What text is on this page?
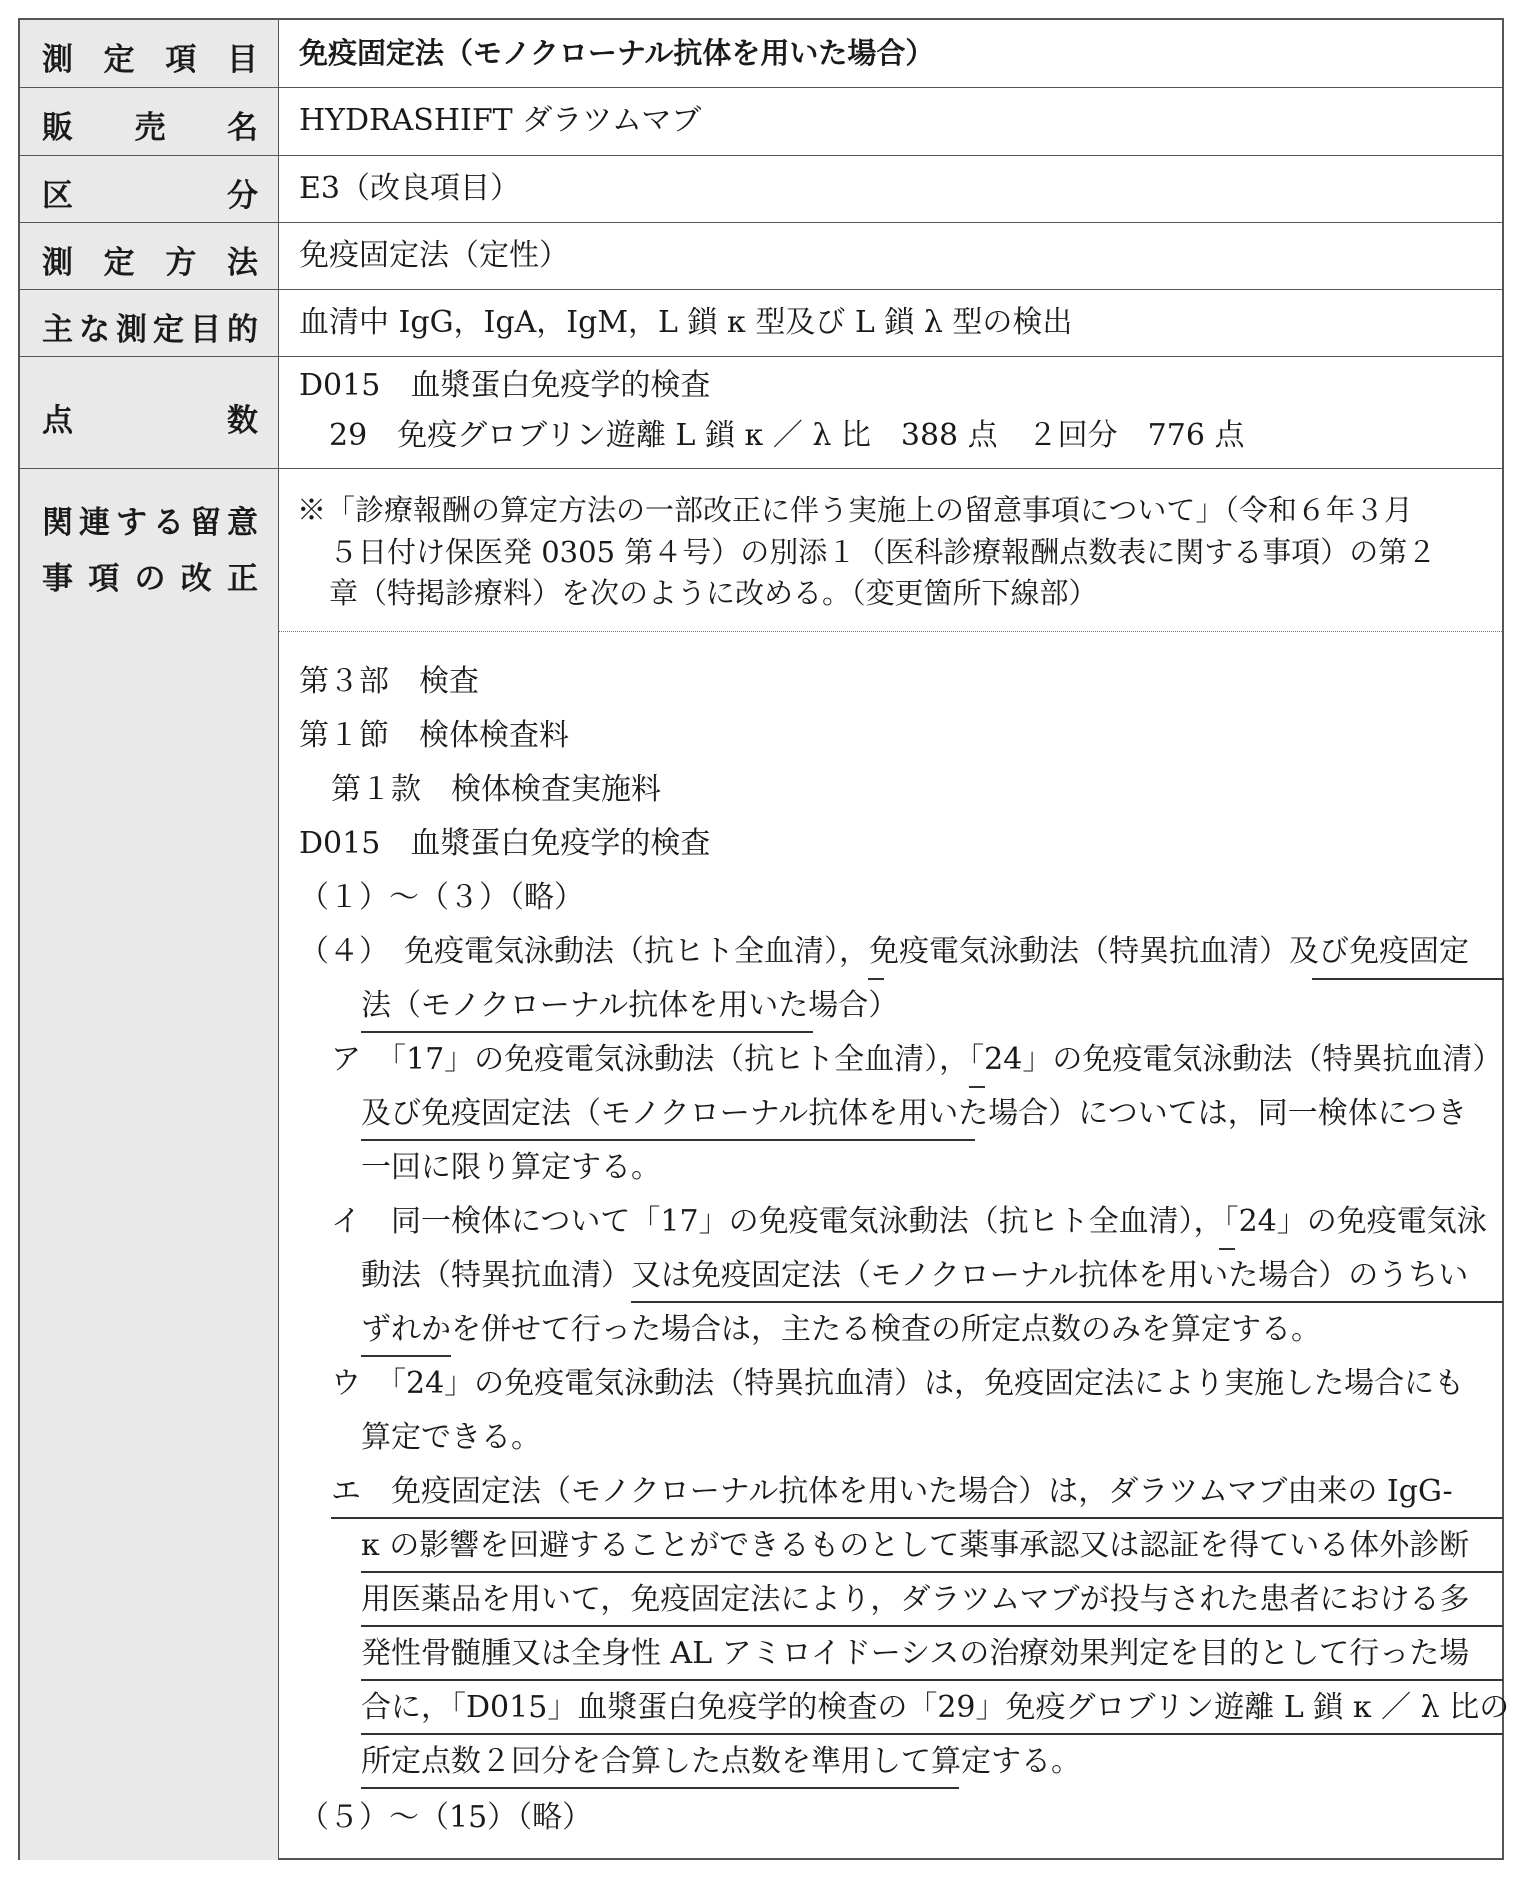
測 定 項 目 免疫固定法（モノクローナル抗体を用いた場合）
販 売 名 HYDRASHIFT ダラツムマブ
区	分 E3（改良項目）
測 定 方 法 免疫固定法（定性）
主 な 測 定 目 的 血清中 IgG，IgA，IgM，L 鎖 κ 型及び L 鎖 λ 型の検出
点	数
D015　血漿蛋白免疫学的検査
29　免疫グロブリン遊離 L 鎖 κ ／ λ 比　388 点　２回分　776 点
関 連 す る 留 意
事 項 の 改 正
※「診療報酬の算定方法の一部改正に伴う実施上の留意事項について」（令和６年３月
５日付け保医発 0305 第４号）の別添１（医科診療報酬点数表に関する事項）の第２
章（特掲診療料）を次のように改める。（変更箇所下線部）
第３部　検査
第１節　検体検査料
第１款　検体検査実施料
D015　血漿蛋白免疫学的検査
（１）～（３）（略）
（４）　免疫電気泳動法（抗ヒト全血清），免疫電気泳動法（特異抗血清）及び免疫固定
法（モノクローナル抗体を用いた場合）
ア　「17」の免疫電気泳動法（抗ヒト全血清），「24」の免疫電気泳動法（特異抗血清）
及び免疫固定法（モノクローナル抗体を用いた場合）については，同一検体につき
一回に限り算定する。
イ　同一検体について「17」の免疫電気泳動法（抗ヒト全血清），「24」の免疫電気泳
動法（特異抗血清）又は免疫固定法（モノクローナル抗体を用いた場合）のうちい
ずれかを併せて行った場合は，主たる検査の所定点数のみを算定する。
ウ　「24」の免疫電気泳動法（特異抗血清）は，免疫固定法により実施した場合にも
算定できる。
エ　免疫固定法（モノクローナル抗体を用いた場合）は，ダラツムマブ由来の IgG-
κ の影響を回避することができるものとして薬事承認又は認証を得ている体外診断
用医薬品を用いて，免疫固定法により，ダラツムマブが投与された患者における多
発性骨髄腫又は全身性 AL アミロイドーシスの治療効果判定を目的として行った場
合に，「D015」血漿蛋白免疫学的検査の「29」免疫グロブリン遊離 L 鎖 κ ／ λ 比の
所定点数２回分を合算した点数を準用して算定する。
（５）～（15）（略）
